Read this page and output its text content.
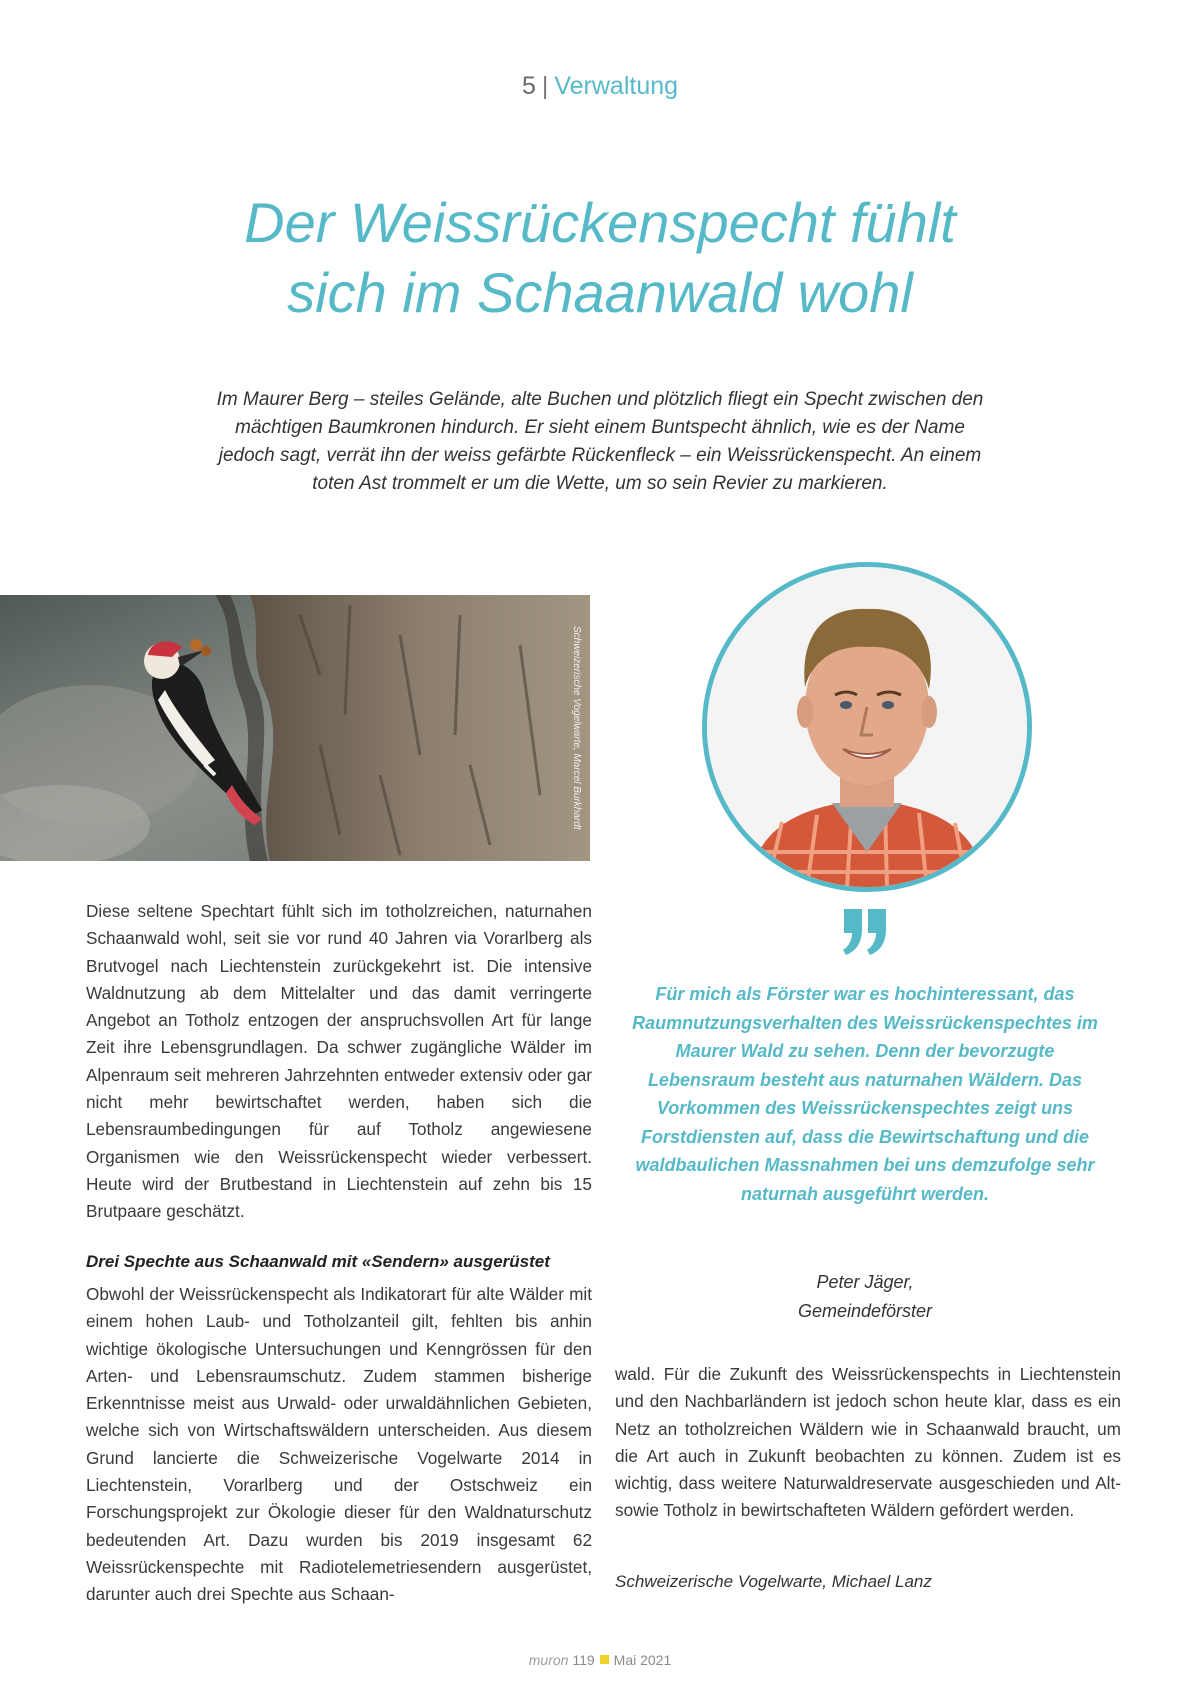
5 | Verwaltung
Der Weissrückenspecht fühlt
sich im Schaanwald wohl
Im Maurer Berg – steiles Gelände, alte Buchen und plötzlich fliegt ein Specht zwischen den mächtigen Baumkronen hindurch. Er sieht einem Buntspecht ähnlich, wie es der Name jedoch sagt, verrät ihn der weiss gefärbte Rückenfleck – ein Weissrückenspecht. An einem toten Ast trommelt er um die Wette, um so sein Revier zu markieren.
Schweizerische Vogelwarte, Marcel Burkhardt
Diese seltene Spechtart fühlt sich im totholzreichen, naturnahen Schaanwald wohl, seit sie vor rund 40 Jahren via Vorarlberg als Brutvogel nach Liechtenstein zurückgekehrt ist. Die intensive Waldnutzung ab dem Mittelalter und das damit verringerte Angebot an Totholz entzogen der anspruchsvollen Art für lange Zeit ihre Lebensgrundlagen. Da schwer zugängliche Wälder im Alpenraum seit mehreren Jahrzehnten entweder extensiv oder gar nicht mehr bewirtschaftet werden, haben sich die Lebensraumbedingungen für auf Totholz angewiesene Organismen wie den Weissrückenspecht wieder verbessert. Heute wird der Brutbestand in Liechtenstein auf zehn bis 15 Brutpaare geschätzt.
Drei Spechte aus Schaanwald mit «Sendern» ausgerüstet
Obwohl der Weissrückenspecht als Indikatorart für alte Wälder mit einem hohen Laub- und Totholzanteil gilt, fehlten bis anhin wichtige ökologische Untersuchungen und Kenngrössen für den Arten- und Lebensraumschutz. Zudem stammen bisherige Erkenntnisse meist aus Urwald- oder urwaldähnlichen Gebieten, welche sich von Wirtschaftswäldern unterscheiden. Aus diesem Grund lancierte die Schweizerische Vogelwarte 2014 in Liechtenstein, Vorarlberg und der Ostschweiz ein Forschungsprojekt zur Ökologie dieser für den Waldnaturschutz bedeutenden Art. Dazu wurden bis 2019 insgesamt 62 Weissrückenspechte mit Radiotelemetriesendern ausgerüstet, darunter auch drei Spechte aus Schaan-
Für mich als Förster war es hochinteressant, das Raumnutzungsverhalten des Weissrückenspechtes im Maurer Wald zu sehen. Denn der bevorzugte Lebensraum besteht aus naturnahen Wäldern. Das Vorkommen des Weissrückenspechtes zeigt uns Forstdiensten auf, dass die Bewirtschaftung und die waldbaulichen Massnahmen bei uns demzufolge sehr naturnah ausgeführt werden.
Peter Jäger,
Gemeindeförster
wald. Für die Zukunft des Weissrückenspechts in Liechtenstein und den Nachbarländern ist jedoch schon heute klar, dass es ein Netz an totholzreichen Wäldern wie in Schaanwald braucht, um die Art auch in Zukunft beobachten zu können. Zudem ist es wichtig, dass weitere Naturwaldreservate ausgeschieden und Alt- sowie Totholz in bewirtschafteten Wäldern gefördert werden.
Schweizerische Vogelwarte, Michael Lanz
muron 119 Mai 2021
